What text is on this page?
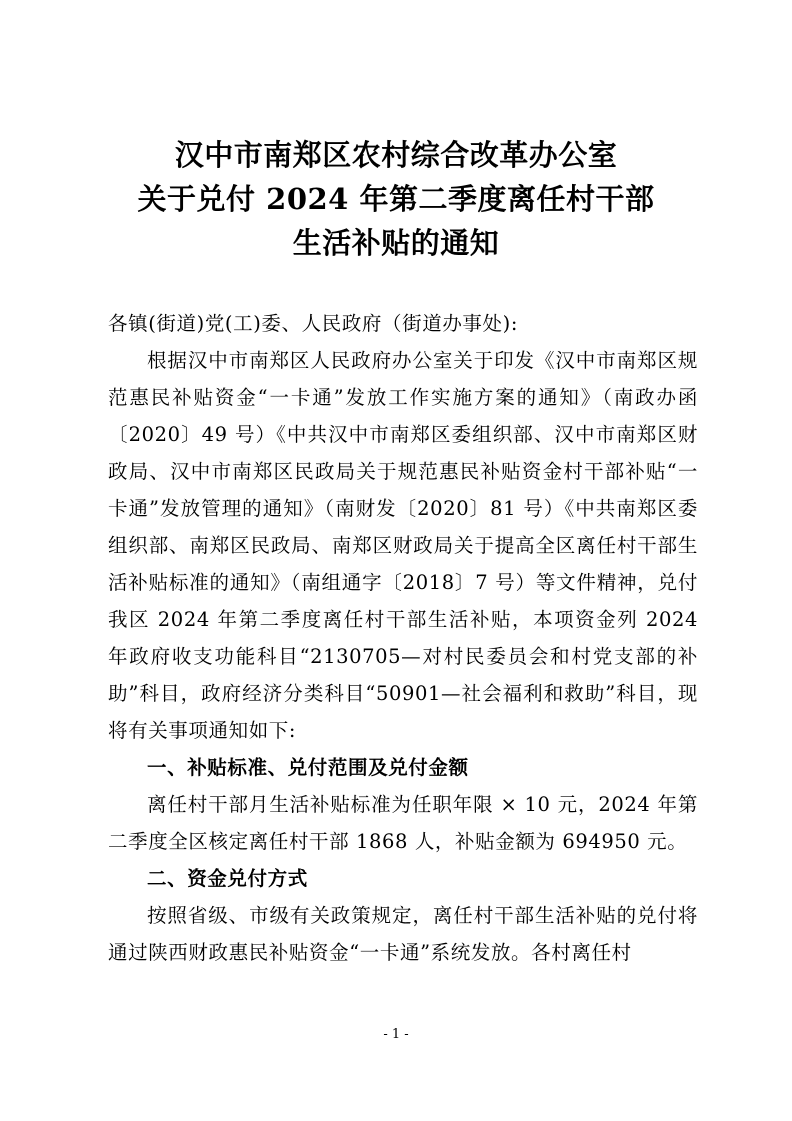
汉中市南郑区农村综合改革办公室
关于兑付 2024 年第二季度离任村干部
生活补贴的通知

各镇(街道)党(工)委、人民政府（街道办事处):

根据汉中市南郑区人民政府办公室关于印发《汉中市南郑区规范惠民补贴资金“一卡通”发放工作实施方案的通知》（南政办函〔2020〕49 号）《中共汉中市南郑区委组织部、汉中市南郑区财政局、汉中市南郑区民政局关于规范惠民补贴资金村干部补贴“一卡通”发放管理的通知》（南财发〔2020〕81 号）《中共南郑区委组织部、南郑区民政局、南郑区财政局关于提高全区离任村干部生活补贴标准的通知》（南组通字〔2018〕7 号）等文件精神，兑付我区 2024 年第二季度离任村干部生活补贴，本项资金列 2024 年政府收支功能科目“2130705—对村民委员会和村党支部的补助”科目，政府经济分类科目“50901—社会福利和救助”科目，现将有关事项通知如下:

一、补贴标准、兑付范围及兑付金额

离任村干部月生活补贴标准为任职年限 × 10 元，2024 年第二季度全区核定离任村干部 1868 人，补贴金额为 694950 元。

二、资金兑付方式

按照省级、市级有关政策规定，离任村干部生活补贴的兑付将通过陕西财政惠民补贴资金“一卡通”系统发放。各村离任村

- 1 -
